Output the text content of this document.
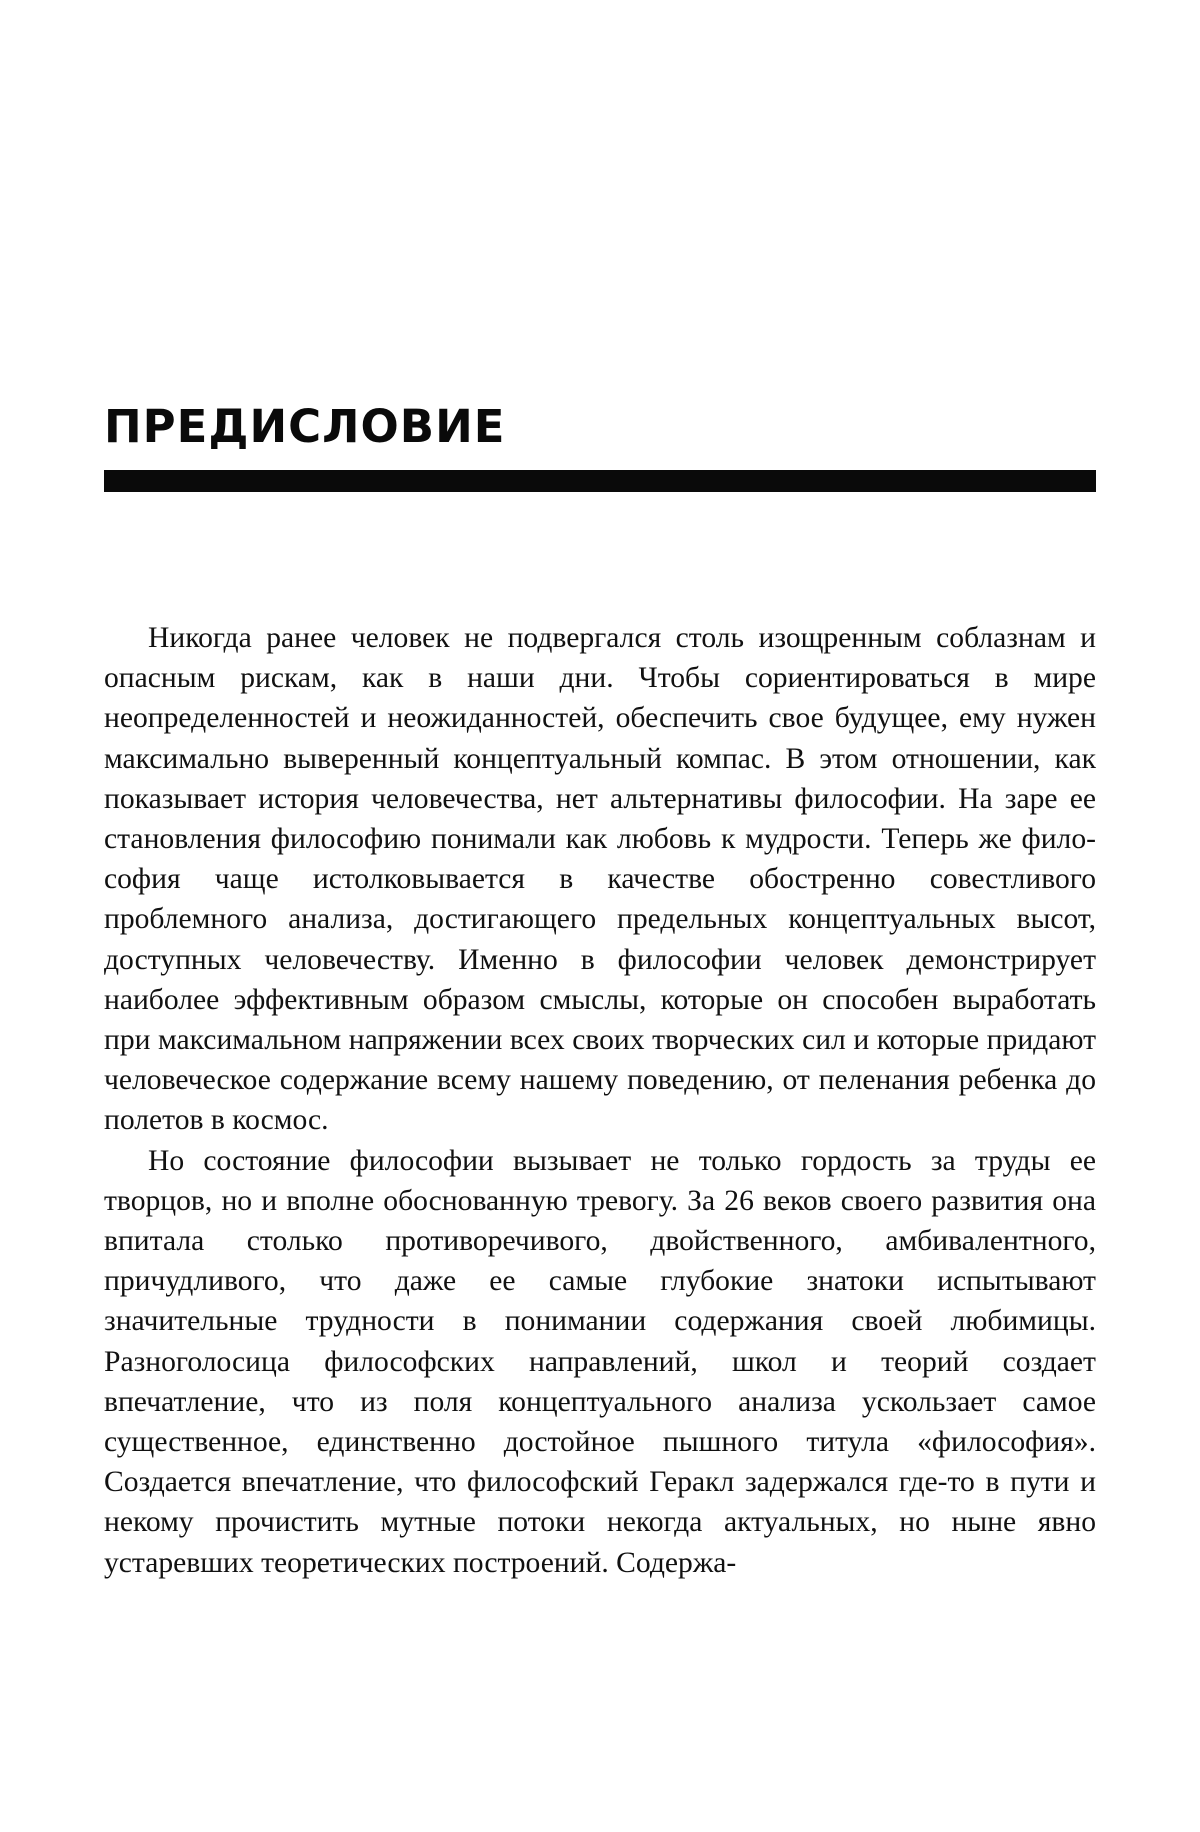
ПРЕДИСЛОВИЕ

Никогда ранее человек не подвергался столь изощренным соблазнам и опасным рискам, как в наши дни. Чтобы сориентироваться в мире неопределенностей и неожиданностей, обеспечить свое будущее, ему нужен максимально выверенный концептуальный компас. В этом отношении, как показывает история человечества, нет альтернативы философии. На заре ее становления философию понимали как любовь к мудрости. Теперь же философия чаще истолковывается в качестве обостренно совестливого проблемного анализа, достигающего предельных концептуальных высот, доступных человечеству. Именно в философии человек демонстрирует наиболее эффективным образом смыслы, которые он способен выработать при максимальном напряжении всех своих творческих сил и которые придают человеческое содержание всему нашему поведению, от пеленания ребенка до полетов в космос.

Но состояние философии вызывает не только гордость за труды ее творцов, но и вполне обоснованную тревогу. За 26 веков своего развития она впитала столько противоречивого, двойственного, амбивалентного, причудливого, что даже ее самые глубокие знатоки испытывают значительные трудности в понимании содержания своей любимицы. Разноголосица философских направлений, школ и теорий создает впечатление, что из поля концептуального анализа ускользает самое существенное, единственно достойное пышного титула «философия». Создается впечатление, что философский Геракл задержался где-то в пути и некому прочистить мутные потоки некогда актуальных, но ныне явно устаревших теоретических построений. Содержа-
